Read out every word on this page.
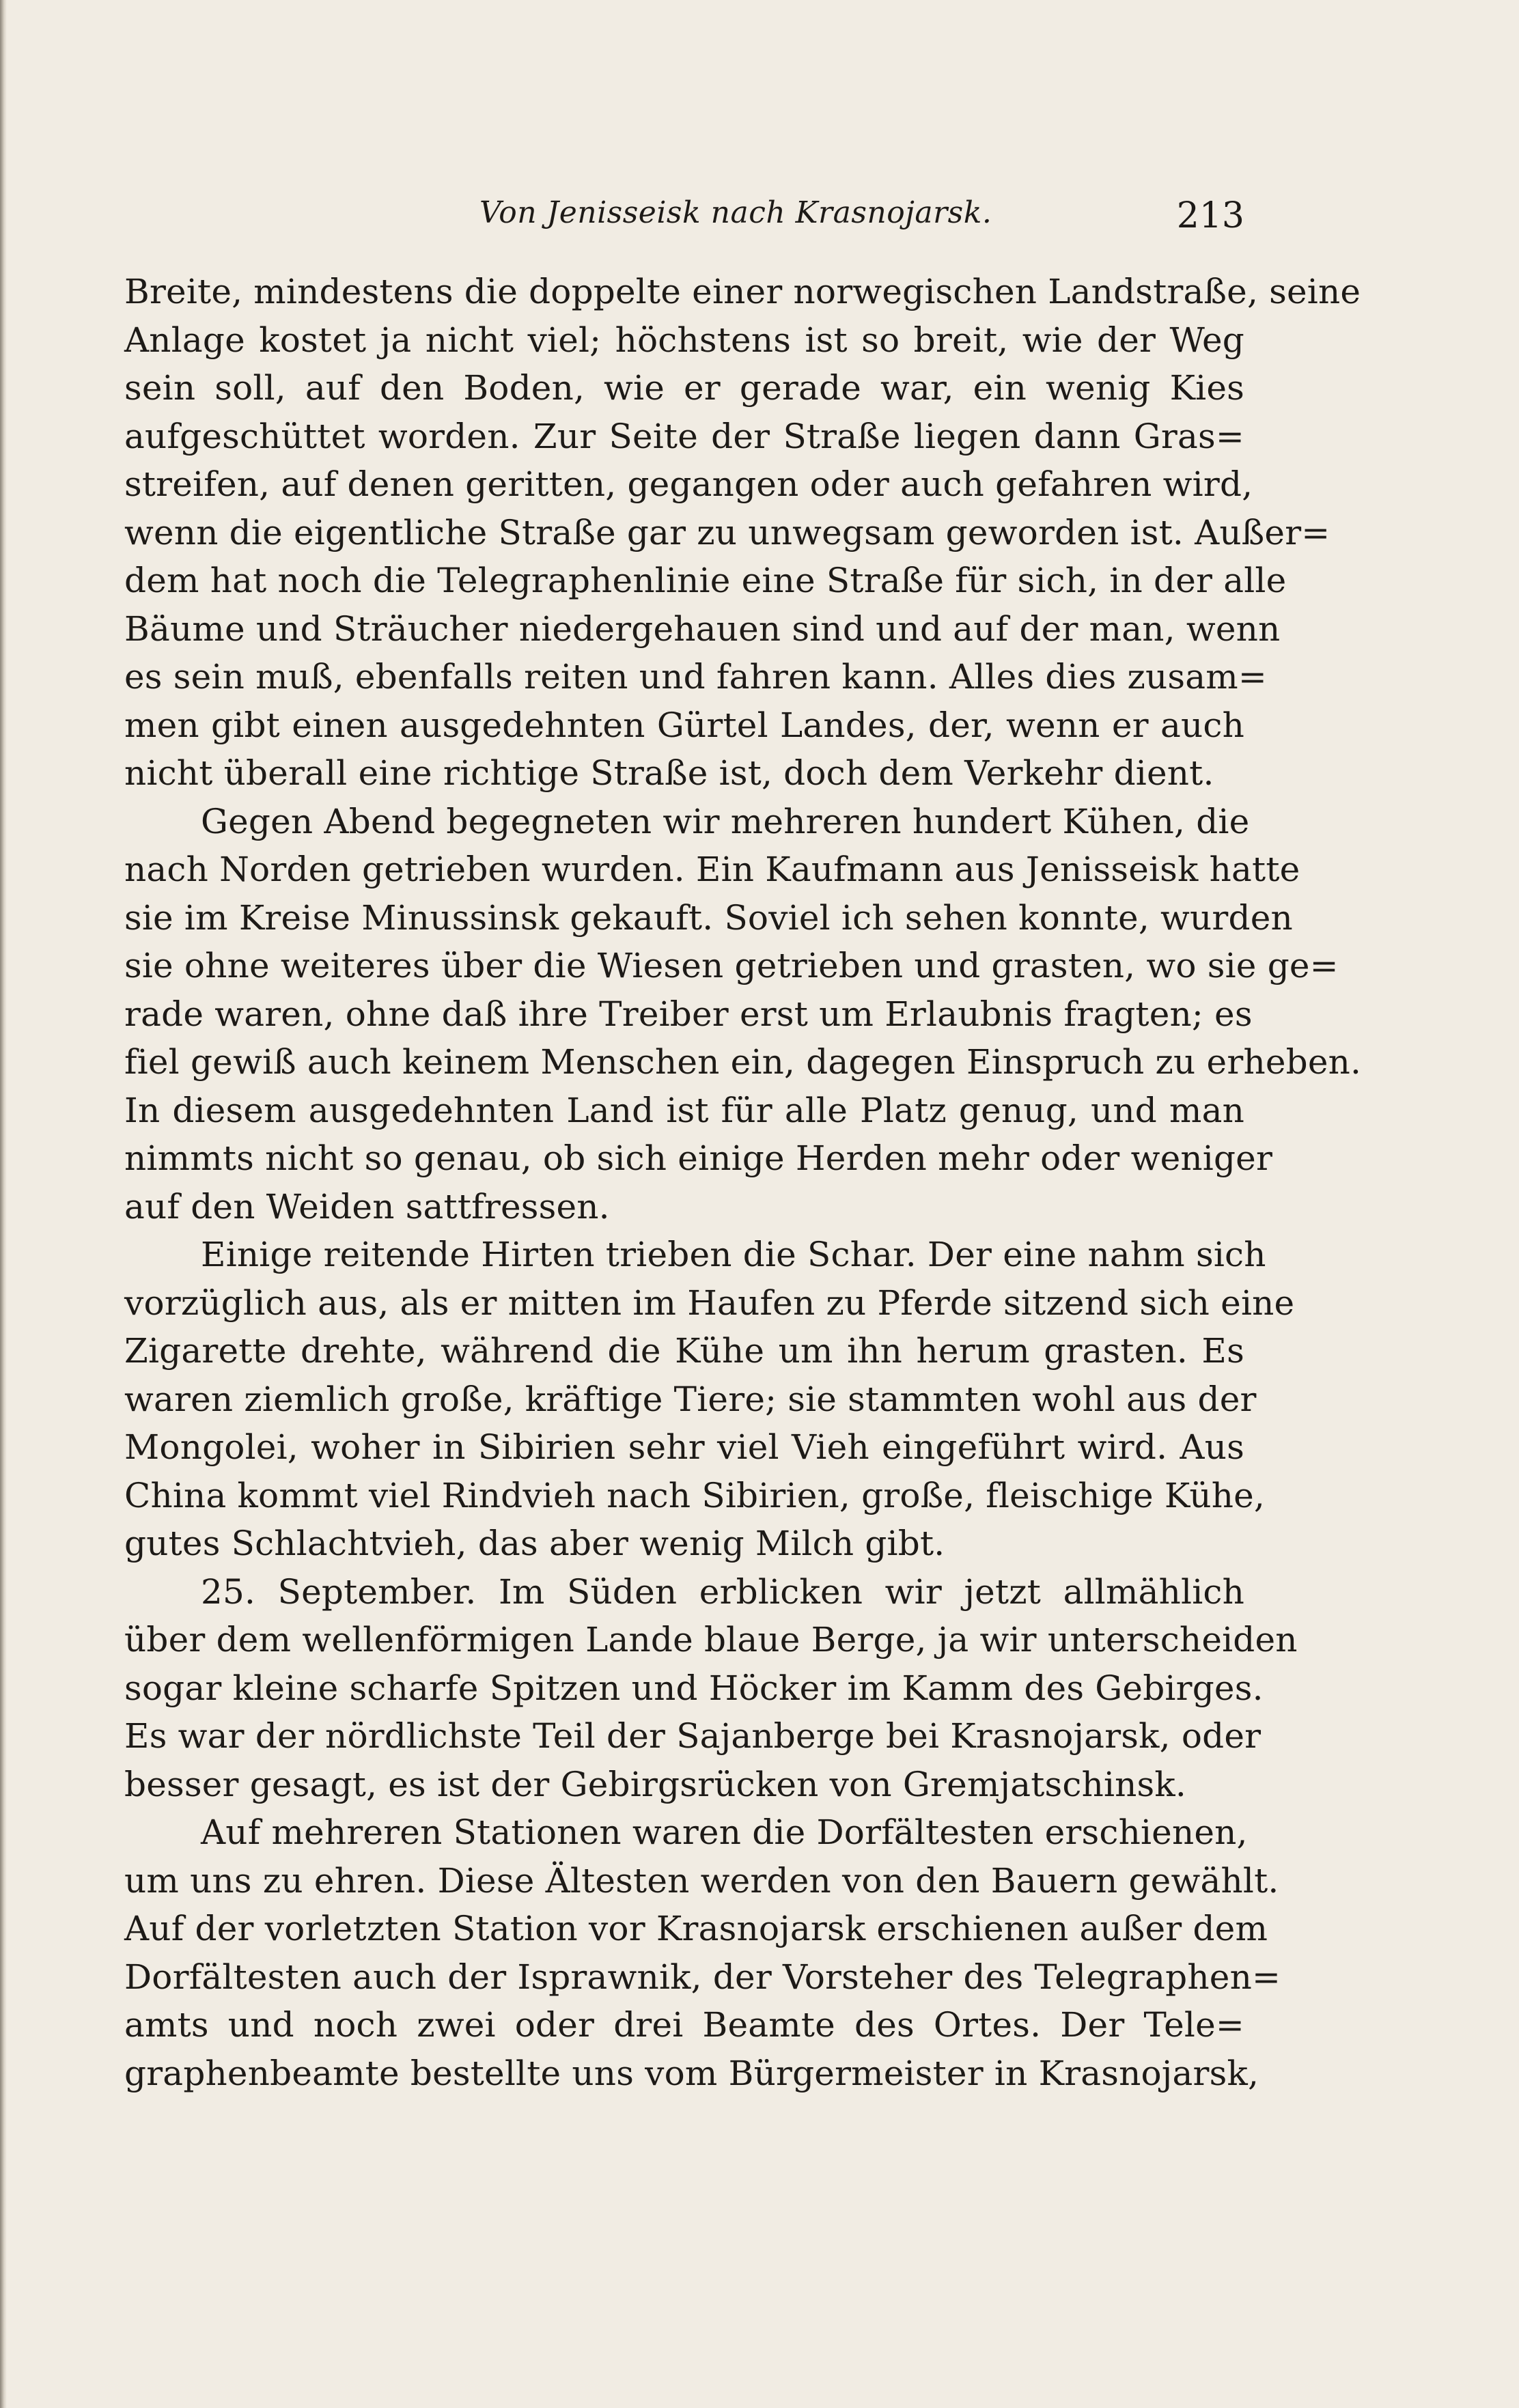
Von Jenisseisk nach Krasnojarsk.	213
Breite, mindestens die doppelte einer norwegischen Landstraße, seine
Anlage kostet ja nicht viel; höchstens ist so breit, wie der Weg
sein soll, auf den Boden, wie er gerade war, ein wenig Kies
aufgeschüttet worden. Zur Seite der Straße liegen dann Gras=
streifen, auf denen geritten, gegangen oder auch gefahren wird,
wenn die eigentliche Straße gar zu unwegsam geworden ist. Außer=
dem hat noch die Telegraphenlinie eine Straße für sich, in der alle
Bäume und Sträucher niedergehauen sind und auf der man, wenn
es sein muß, ebenfalls reiten und fahren kann. Alles dies zusam=
men gibt einen ausgedehnten Gürtel Landes, der, wenn er auch
nicht überall eine richtige Straße ist, doch dem Verkehr dient.
Gegen Abend begegneten wir mehreren hundert Kühen, die
nach Norden getrieben wurden. Ein Kaufmann aus Jenisseisk hatte
sie im Kreise Minussinsk gekauft. Soviel ich sehen konnte, wurden
sie ohne weiteres über die Wiesen getrieben und grasten, wo sie ge=
rade waren, ohne daß ihre Treiber erst um Erlaubnis fragten; es
fiel gewiß auch keinem Menschen ein, dagegen Einspruch zu erheben.
In diesem ausgedehnten Land ist für alle Platz genug, und man
nimmts nicht so genau, ob sich einige Herden mehr oder weniger
auf den Weiden sattfressen.
Einige reitende Hirten trieben die Schar. Der eine nahm sich
vorzüglich aus, als er mitten im Haufen zu Pferde sitzend sich eine
Zigarette drehte, während die Kühe um ihn herum grasten. Es
waren ziemlich große, kräftige Tiere; sie stammten wohl aus der
Mongolei, woher in Sibirien sehr viel Vieh eingeführt wird. Aus
China kommt viel Rindvieh nach Sibirien, große, fleischige Kühe,
gutes Schlachtvieh, das aber wenig Milch gibt.
25. September. Im Süden erblicken wir jetzt allmählich
über dem wellenförmigen Lande blaue Berge, ja wir unterscheiden
sogar kleine scharfe Spitzen und Höcker im Kamm des Gebirges.
Es war der nördlichste Teil der Sajanberge bei Krasnojarsk, oder
besser gesagt, es ist der Gebirgsrücken von Gremjatschinsk.
Auf mehreren Stationen waren die Dorfältesten erschienen,
um uns zu ehren. Diese Ältesten werden von den Bauern gewählt.
Auf der vorletzten Station vor Krasnojarsk erschienen außer dem
Dorfältesten auch der Isprawnik, der Vorsteher des Telegraphen=
amts und noch zwei oder drei Beamte des Ortes. Der Tele=
graphenbeamte bestellte uns vom Bürgermeister in Krasnojarsk,
